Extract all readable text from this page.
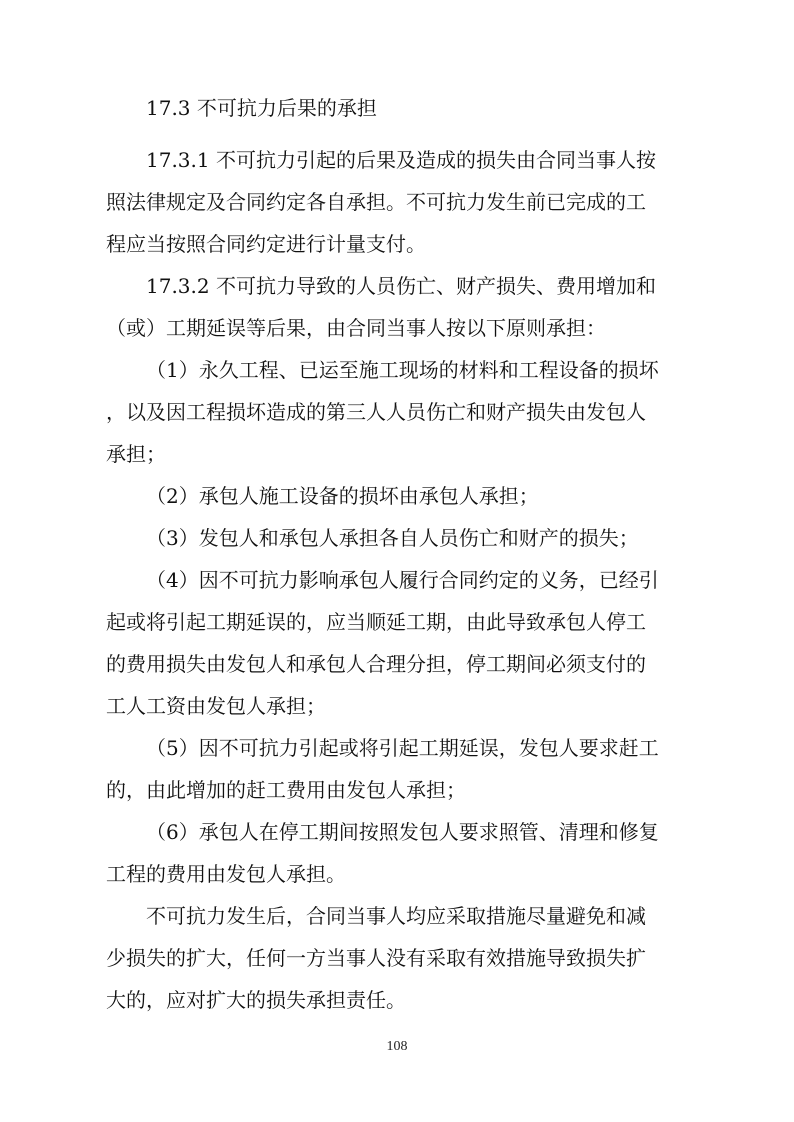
17.3 不可抗力后果的承担

17.3.1 不可抗力引起的后果及造成的损失由合同当事人按

照法律规定及合同约定各自承担。不可抗力发生前已完成的工

程应当按照合同约定进行计量支付。

17.3.2 不可抗力导致的人员伤亡、财产损失、费用增加和

（或）工期延误等后果，由合同当事人按以下原则承担：

（1）永久工程、已运至施工现场的材料和工程设备的损坏

，以及因工程损坏造成的第三人人员伤亡和财产损失由发包人

承担；

（2）承包人施工设备的损坏由承包人承担；

（3）发包人和承包人承担各自人员伤亡和财产的损失；

（4）因不可抗力影响承包人履行合同约定的义务，已经引

起或将引起工期延误的，应当顺延工期，由此导致承包人停工

的费用损失由发包人和承包人合理分担，停工期间必须支付的

工人工资由发包人承担；

（5）因不可抗力引起或将引起工期延误，发包人要求赶工

的，由此增加的赶工费用由发包人承担；

（6）承包人在停工期间按照发包人要求照管、清理和修复

工程的费用由发包人承担。

不可抗力发生后，合同当事人均应采取措施尽量避免和减

少损失的扩大，任何一方当事人没有采取有效措施导致损失扩

大的，应对扩大的损失承担责任。

108
